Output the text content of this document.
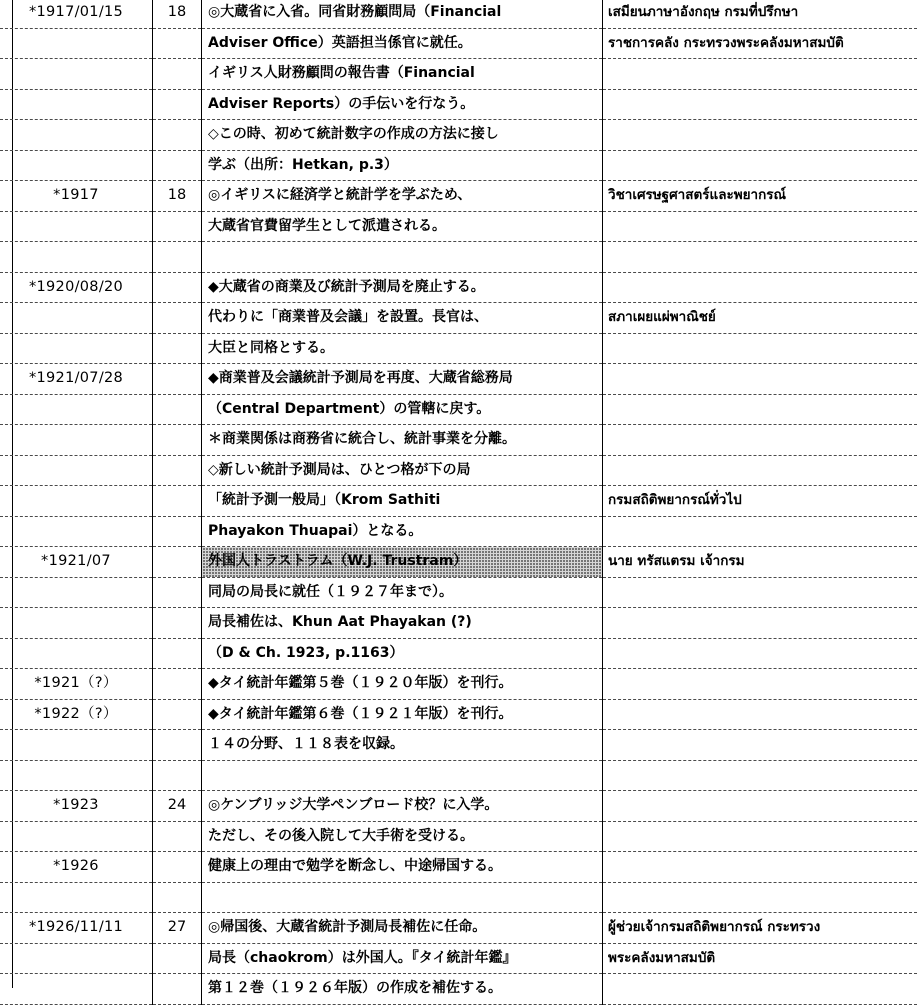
*1917/01/15	18	◎大蔵省に入省。同省財務顧問局（Financial	เสมียนภาษาอังกฤษ กรมที่ปรึกษา
		Adviser Office）英語担当係官に就任。	ราชการคลัง กระทรวงพระคลังมหาสมบัติ
		イギリス人財務顧問の報告書（Financial	
		Adviser Reports）の手伝いを行なう。	
		◇この時、初めて統計数字の作成の方法に接し	
		学ぶ（出所：Hetkan, p.3）	
*1917	18	◎イギリスに経済学と統計学を学ぶため、	วิชาเศรษฐศาสตร์และพยากรณ์
		大蔵省官費留学生として派遣される。	

*1920/08/20		◆大蔵省の商業及び統計予測局を廃止する。	
		代わりに「商業普及会議」を設置。長官は、	สภาเผยแผ่พาณิชย์
		大臣と同格とする。	
*1921/07/28		◆商業普及会議統計予測局を再度、大蔵省総務局	
		（Central Department）の管轄に戻す。	
		＊商業関係は商務省に統合し、統計事業を分離。	
		◇新しい統計予測局は、ひとつ格が下の局	
		「統計予測一般局」（Krom Sathiti	กรมสถิติพยากรณ์ทั่วไป
		Phayakon Thuapai）となる。	
*1921/07		外国人トラストラム（W.J. Trustram）	นาย ทรัสแตรม เจ้ากรม
		同局の局長に就任（１９２７年まで）。	
		局長補佐は、Khun Aat Phayakan (?)	
		（D & Ch. 1923, p.1163）	
*1921（?）		◆タイ統計年鑑第５巻（１９２０年版）を刊行。	
*1922（?）		◆タイ統計年鑑第６巻（１９２１年版）を刊行。	
		１４の分野、１１８表を収録。	

*1923	24	◎ケンブリッジ大学ペンブロード校？に入学。	
		ただし、その後入院して大手術を受ける。	
*1926		健康上の理由で勉学を断念し、中途帰国する。	

*1926/11/11	27	◎帰国後、大蔵省統計予測局長補佐に任命。	ผู้ช่วยเจ้ากรมสถิติพยากรณ์ กระทรวง
		局長（chaokrom）は外国人。『タイ統計年鑑』	พระคลังมหาสมบัติ
		第１２巻（１９２６年版）の作成を補佐する。	
